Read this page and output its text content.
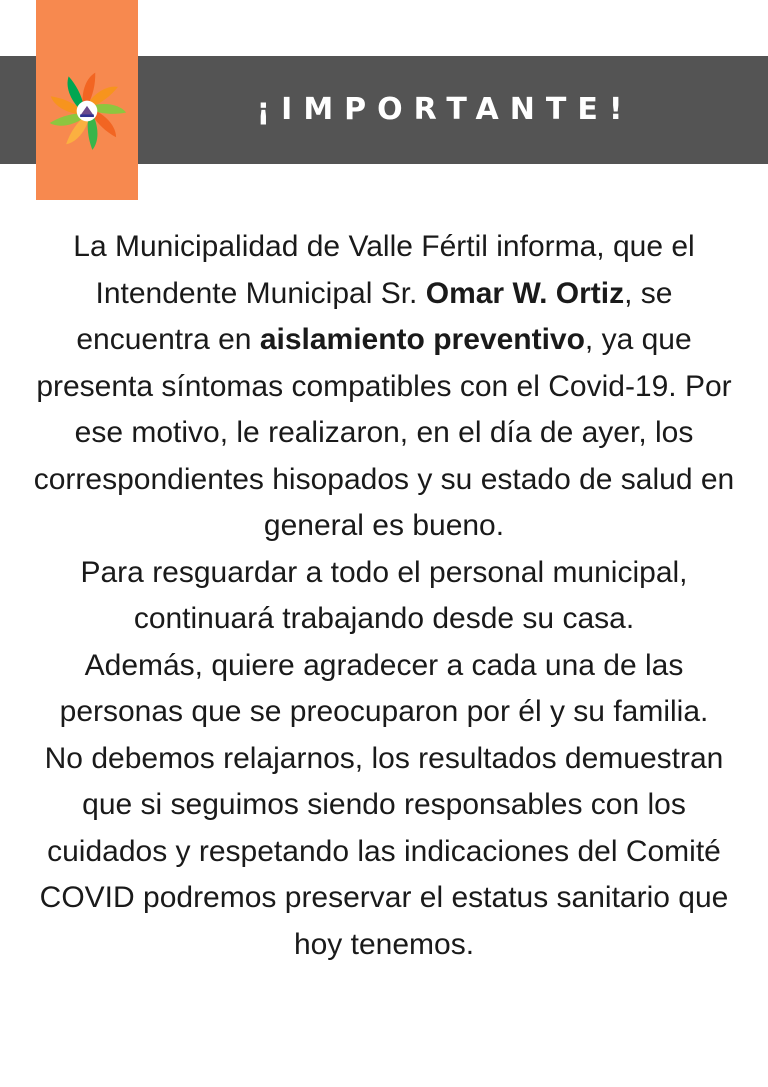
¡IMPORTANTE!

La Municipalidad de Valle Fértil informa, que el Intendente Municipal Sr. Omar W. Ortiz, se encuentra en aislamiento preventivo, ya que presenta síntomas compatibles con el Covid-19. Por ese motivo, le realizaron, en el día de ayer, los correspondientes hisopados y su estado de salud en general es bueno.

Para resguardar a todo el personal municipal, continuará trabajando desde su casa.

Además, quiere agradecer a cada una de las personas que se preocuparon por él y su familia.

No debemos relajarnos, los resultados demuestran que si seguimos siendo responsables con los cuidados y respetando las indicaciones del Comité COVID podremos preservar el estatus sanitario que hoy tenemos.
